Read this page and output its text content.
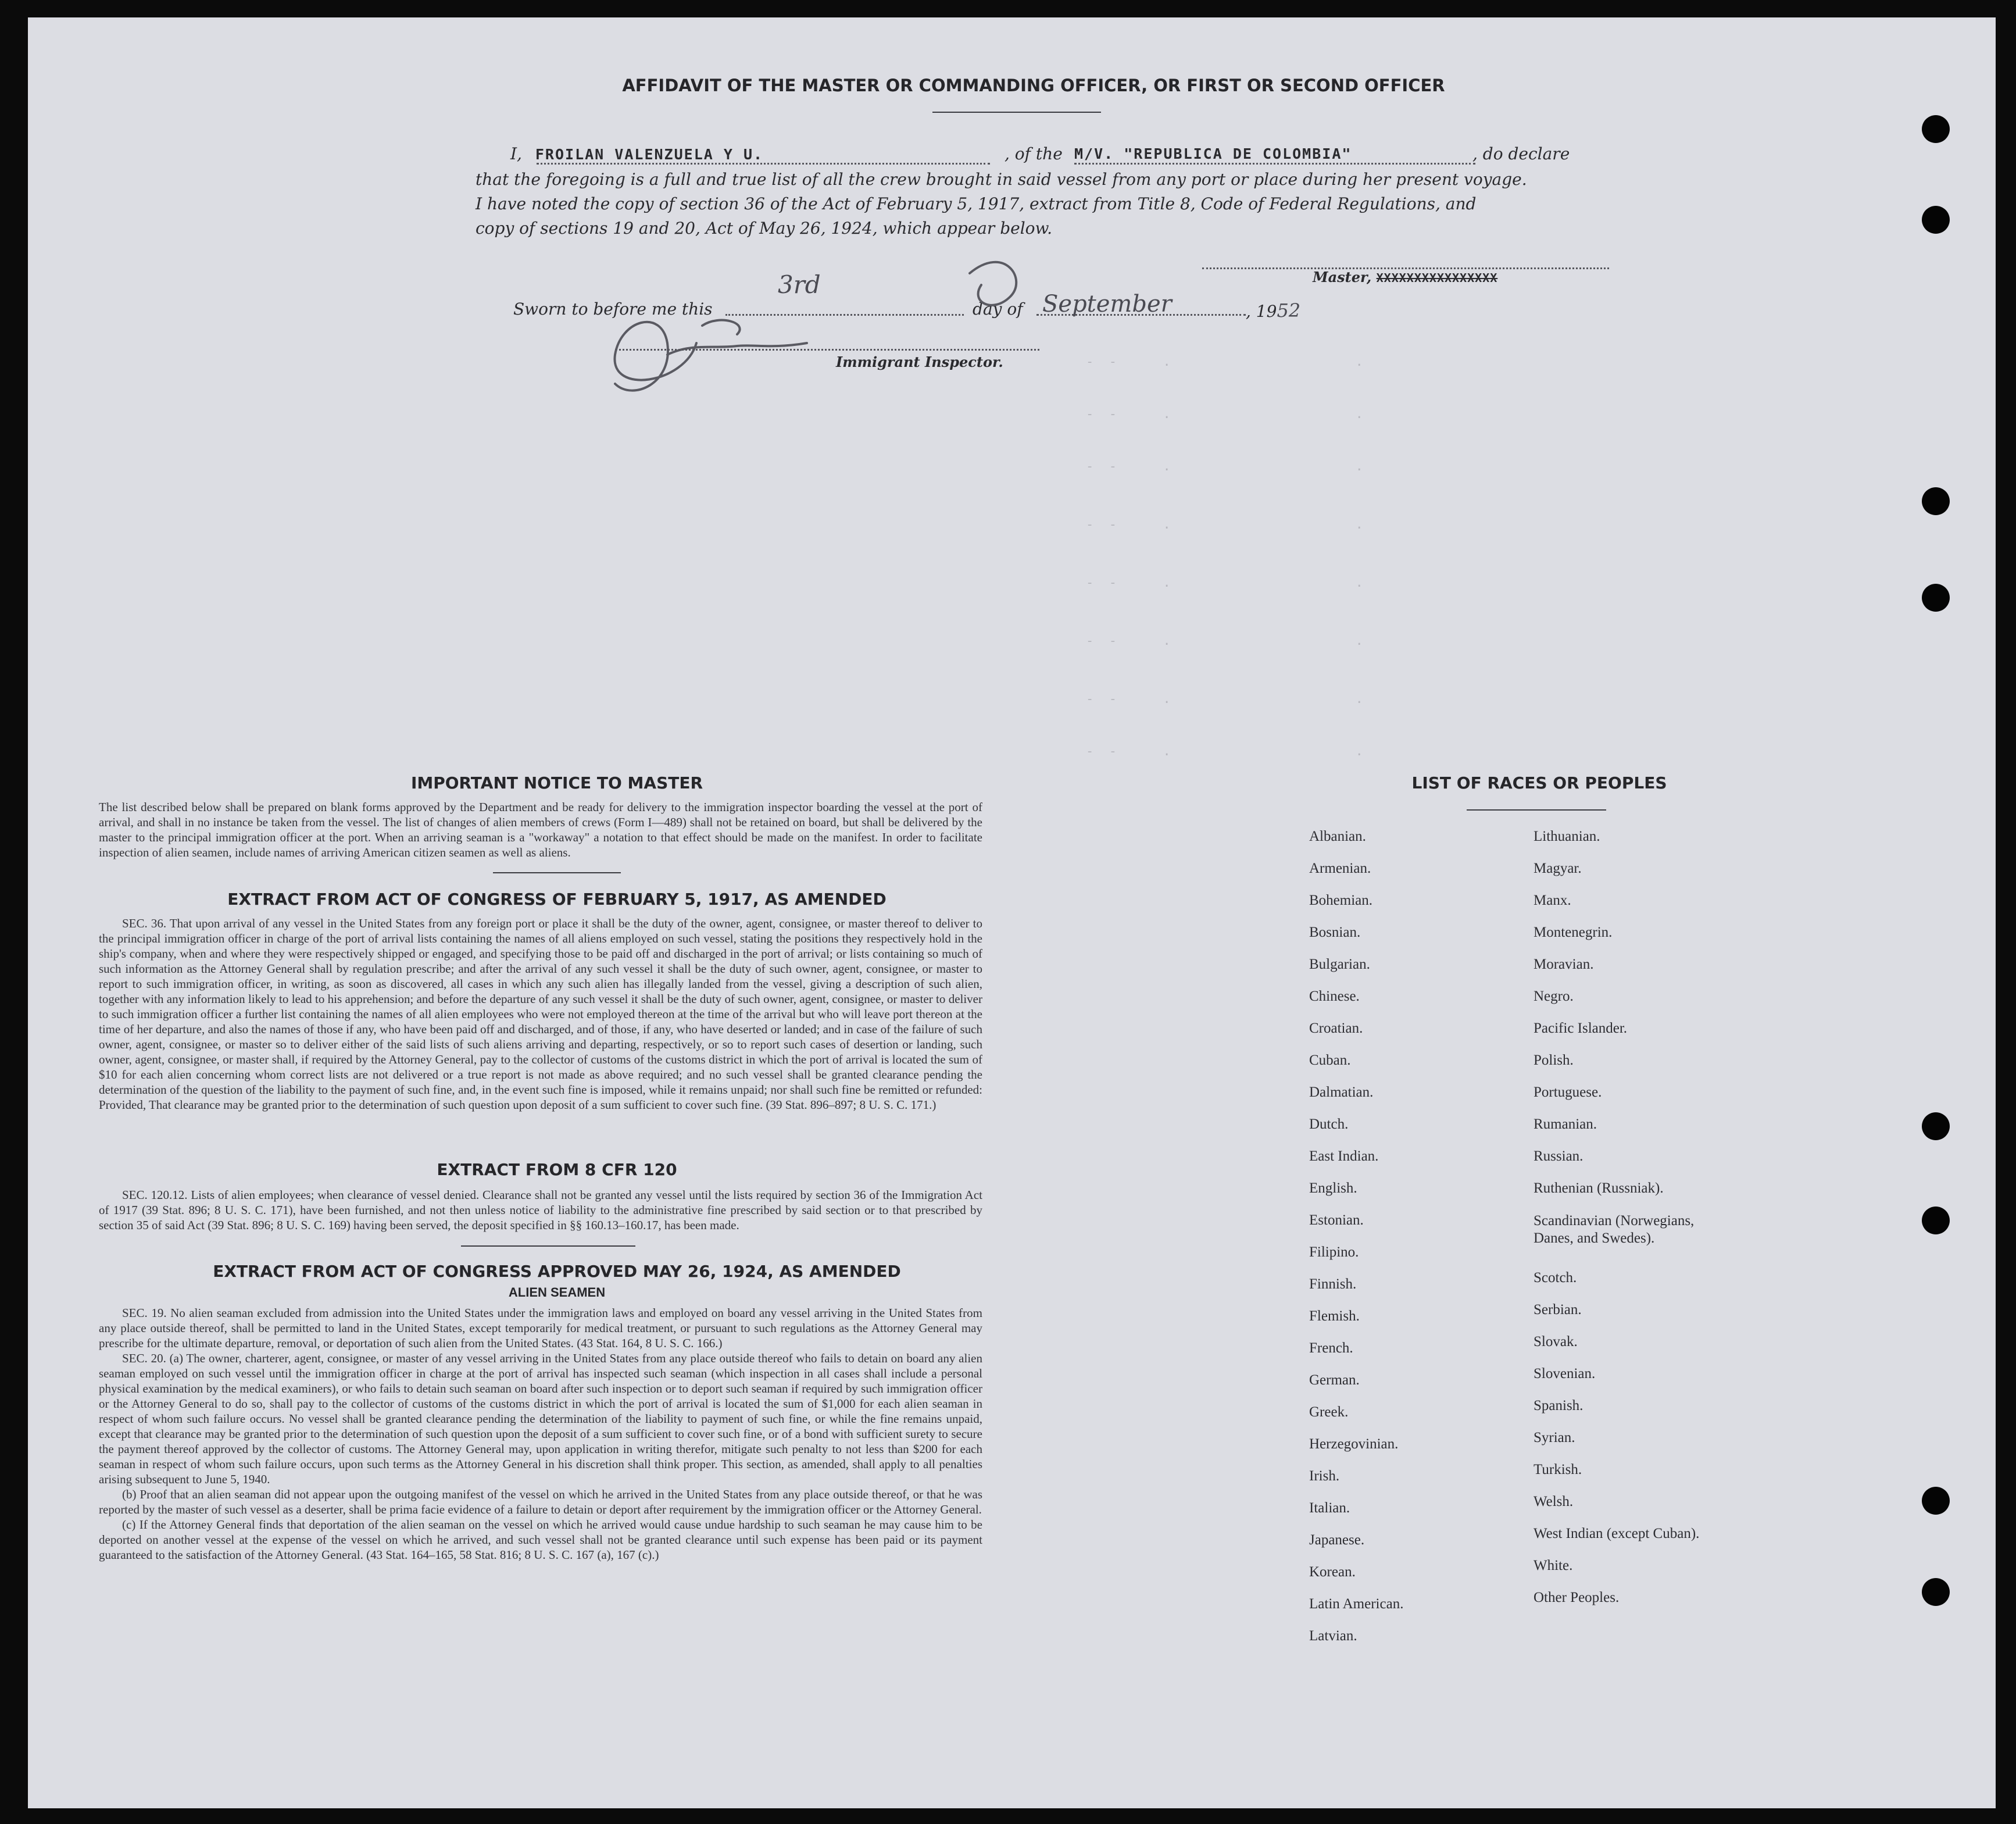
-  -      .                        .
-  -      .                        .
-  -      .                        .
-  -      .                        .
-  -      .                        .
-  -      .                        .
-  -      .                        .
-  -      .                        .
AFFIDAVIT OF THE MASTER OR COMMANDING OFFICER, OR FIRST OR SECOND OFFICER
I, FROILAN VALENZUELA Y U.	, of the M/V. "REPUBLICA DE COLOMBIA"	, do declare
that the foregoing is a full and true list of all the crew brought in said vessel from any port or place during her present voyage.
I have noted the copy of section 36 of the Act of February 5, 1917, extract from Title 8, Code of Federal Regulations, and
copy of sections 19 and 20, Act of May 26, 1924, which appear below.
Master, XXXXXXXXXXXXXXXX
Sworn to before me this
3rd
day of September	, 1952
Immigrant Inspector.
IMPORTANT NOTICE TO MASTER
The list described below shall be prepared on blank forms approved by the Department and be ready for delivery to the immigration inspector boarding the vessel at the port of arrival, and shall in no instance be taken from the vessel. The list of changes of alien members of crews (Form I—489) shall not be retained on board, but shall be delivered by the master to the principal immigration officer at the port. When an arriving seaman is a "workaway" a notation to that effect should be made on the manifest. In order to facilitate inspection of alien seamen, include names of arriving American citizen seamen as well as aliens.
EXTRACT FROM ACT OF CONGRESS OF FEBRUARY 5, 1917, AS AMENDED
SEC. 36. That upon arrival of any vessel in the United States from any foreign port or place it shall be the duty of the owner, agent, consignee, or master thereof to deliver to the principal immigration officer in charge of the port of arrival lists containing the names of all aliens employed on such vessel, stating the positions they respectively hold in the ship's company, when and where they were respectively shipped or engaged, and specifying those to be paid off and discharged in the port of arrival; or lists containing so much of such information as the Attorney General shall by regulation prescribe; and after the arrival of any such vessel it shall be the duty of such owner, agent, consignee, or master to report to such immigration officer, in writing, as soon as discovered, all cases in which any such alien has illegally landed from the vessel, giving a description of such alien, together with any information likely to lead to his apprehension; and before the departure of any such vessel it shall be the duty of such owner, agent, consignee, or master to deliver to such immigration officer a further list containing the names of all alien employees who were not employed thereon at the time of the arrival but who will leave port thereon at the time of her departure, and also the names of those if any, who have been paid off and discharged, and of those, if any, who have deserted or landed; and in case of the failure of such owner, agent, consignee, or master so to deliver either of the said lists of such aliens arriving and departing, respectively, or so to report such cases of desertion or landing, such owner, agent, consignee, or master shall, if required by the Attorney General, pay to the collector of customs of the customs district in which the port of arrival is located the sum of $10 for each alien concerning whom correct lists are not delivered or a true report is not made as above required; and no such vessel shall be granted clearance pending the determination of the question of the liability to the payment of such fine, and, in the event such fine is imposed, while it remains unpaid; nor shall such fine be remitted or refunded: Provided, That clearance may be granted prior to the determination of such question upon deposit of a sum sufficient to cover such fine. (39 Stat. 896–897; 8 U. S. C. 171.)
EXTRACT FROM 8 CFR 120
SEC. 120.12. Lists of alien employees; when clearance of vessel denied. Clearance shall not be granted any vessel until the lists required by section 36 of the Immigration Act of 1917 (39 Stat. 896; 8 U. S. C. 171), have been furnished, and not then unless notice of liability to the administrative fine prescribed by said section or to that prescribed by section 35 of said Act (39 Stat. 896; 8 U. S. C. 169) having been served, the deposit specified in §§ 160.13–160.17, has been made.
EXTRACT FROM ACT OF CONGRESS APPROVED MAY 26, 1924, AS AMENDED
ALIEN SEAMEN
SEC. 19. No alien seaman excluded from admission into the United States under the immigration laws and employed on board any vessel arriving in the United States from any place outside thereof, shall be permitted to land in the United States, except temporarily for medical treatment, or pursuant to such regulations as the Attorney General may prescribe for the ultimate departure, removal, or deportation of such alien from the United States. (43 Stat. 164, 8 U. S. C. 166.)
SEC. 20. (a) The owner, charterer, agent, consignee, or master of any vessel arriving in the United States from any place outside thereof who fails to detain on board any alien seaman employed on such vessel until the immigration officer in charge at the port of arrival has inspected such seaman (which inspection in all cases shall include a personal physical examination by the medical examiners), or who fails to detain such seaman on board after such inspection or to deport such seaman if required by such immigration officer or the Attorney General to do so, shall pay to the collector of customs of the customs district in which the port of arrival is located the sum of $1,000 for each alien seaman in respect of whom such failure occurs. No vessel shall be granted clearance pending the determination of the liability to payment of such fine, or while the fine remains unpaid, except that clearance may be granted prior to the determination of such question upon the deposit of a sum sufficient to cover such fine, or of a bond with sufficient surety to secure the payment thereof approved by the collector of customs. The Attorney General may, upon application in writing therefor, mitigate such penalty to not less than $200 for each seaman in respect of whom such failure occurs, upon such terms as the Attorney General in his discretion shall think proper. This section, as amended, shall apply to all penalties arising subsequent to June 5, 1940.
(b) Proof that an alien seaman did not appear upon the outgoing manifest of the vessel on which he arrived in the United States from any place outside thereof, or that he was reported by the master of such vessel as a deserter, shall be prima facie evidence of a failure to detain or deport after requirement by the immigration officer or the Attorney General.
(c) If the Attorney General finds that deportation of the alien seaman on the vessel on which he arrived would cause undue hardship to such seaman he may cause him to be deported on another vessel at the expense of the vessel on which he arrived, and such vessel shall not be granted clearance until such expense has been paid or its payment guaranteed to the satisfaction of the Attorney General. (43 Stat. 164–165, 58 Stat. 816; 8 U. S. C. 167 (a), 167 (c).)
LIST OF RACES OR PEOPLES
Albanian.
Armenian.
Bohemian.
Bosnian.
Bulgarian.
Chinese.
Croatian.
Cuban.
Dalmatian.
Dutch.
East Indian.
English.
Estonian.
Filipino.
Finnish.
Flemish.
French.
German.
Greek.
Herzegovinian.
Irish.
Italian.
Japanese.
Korean.
Latin American.
Latvian.
Lithuanian.
Magyar.
Manx.
Montenegrin.
Moravian.
Negro.
Pacific Islander.
Polish.
Portuguese.
Rumanian.
Russian.
Ruthenian (Russniak).
Scandinavian (Norwegians, Danes, and Swedes).
Scotch.
Serbian.
Slovak.
Slovenian.
Spanish.
Syrian.
Turkish.
Welsh.
West Indian (except Cuban).
White.
Other Peoples.
